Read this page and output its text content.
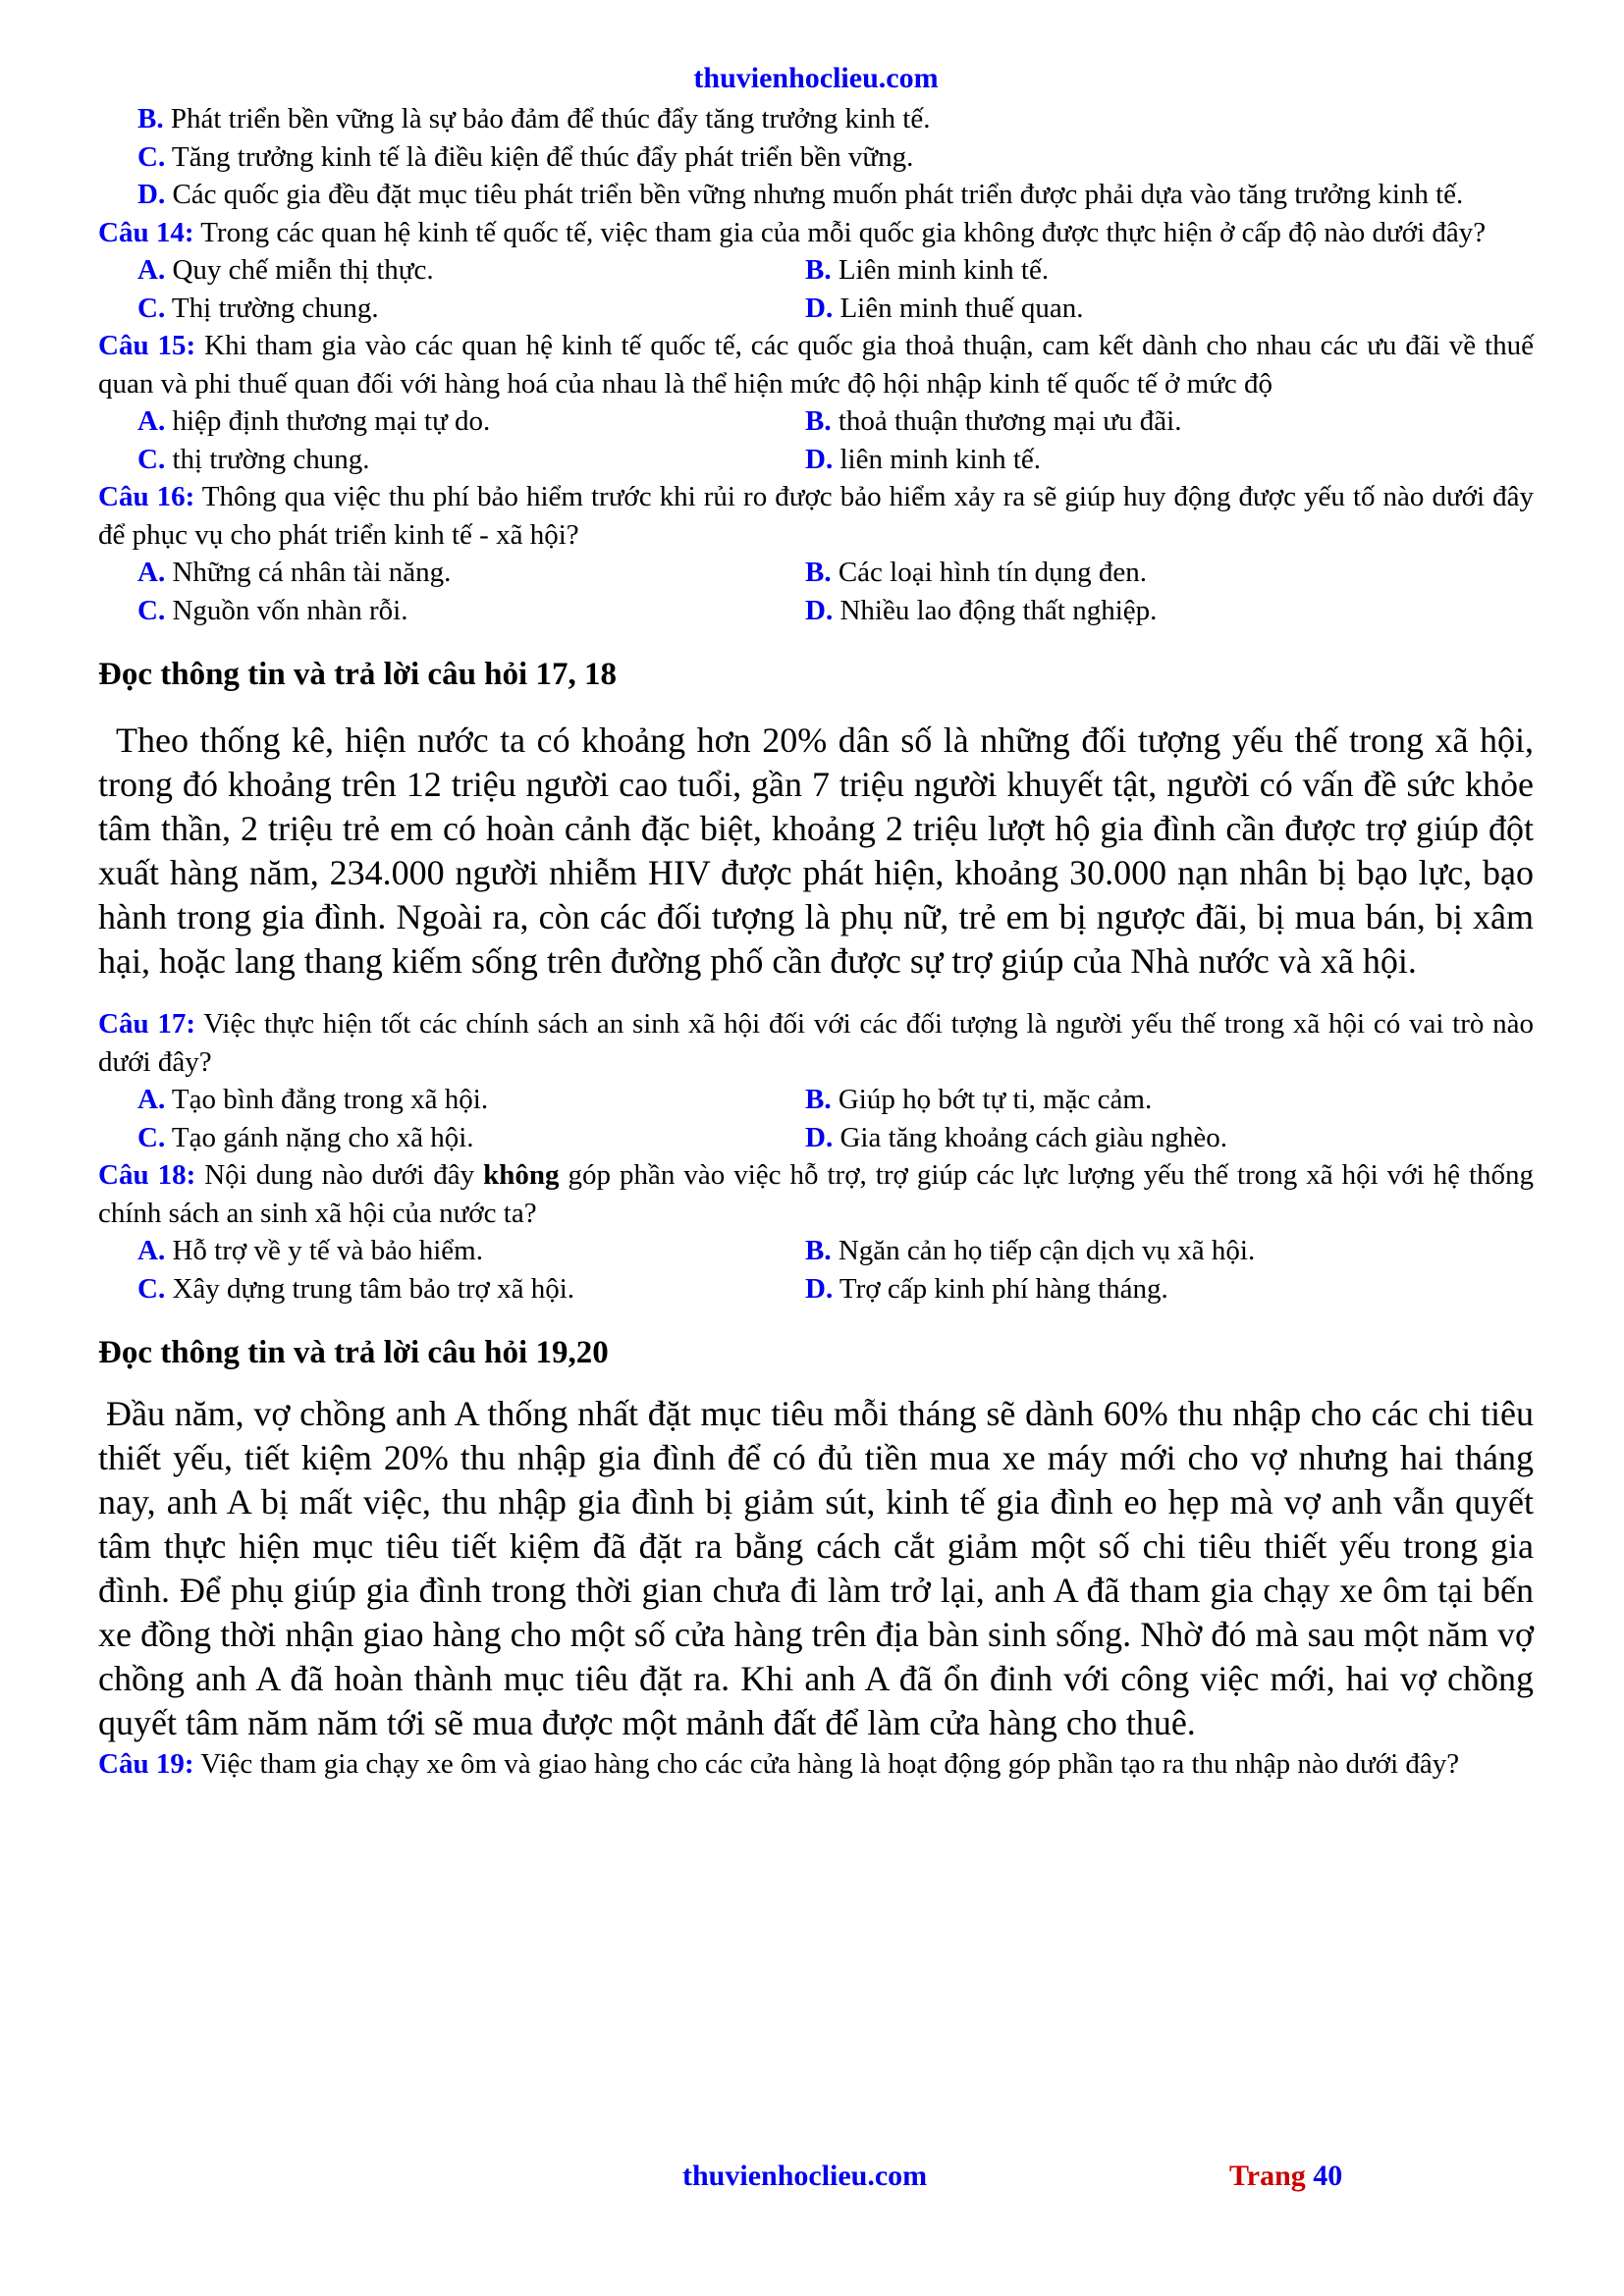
thuvienhoclieu.com
B. Phát triển bền vững là sự bảo đảm để thúc đẩy tăng trưởng kinh tế.
C. Tăng trưởng kinh tế là điều kiện để thúc đẩy phát triển bền vững.
D. Các quốc gia đều đặt mục tiêu phát triển bền vững nhưng muốn phát triển được phải dựa vào tăng trưởng kinh tế.
Câu 14: Trong các quan hệ kinh tế quốc tế, việc tham gia của mỗi quốc gia không được thực hiện ở cấp độ nào dưới đây?
A. Quy chế miễn thị thực.	B. Liên minh kinh tế.
C. Thị trường chung.	D. Liên minh thuế quan.
Câu 15: Khi tham gia vào các quan hệ kinh tế quốc tế, các quốc gia thoả thuận, cam kết dành cho nhau các ưu đãi về thuế quan và phi thuế quan đối với hàng hoá của nhau là thể hiện mức độ hội nhập kinh tế quốc tế ở mức độ
A. hiệp định thương mại tự do.	B. thoả thuận thương mại ưu đãi.
C. thị trường chung.	D. liên minh kinh tế.
Câu 16: Thông qua việc thu phí bảo hiểm trước khi rủi ro được bảo hiểm xảy ra sẽ giúp huy động được yếu tố nào dưới đây để phục vụ cho phát triển kinh tế - xã hội?
A. Những cá nhân tài năng.	B. Các loại hình tín dụng đen.
C. Nguồn vốn nhàn rỗi.	D. Nhiều lao động thất nghiệp.
Đọc thông tin và trả lời câu hỏi 17, 18
Theo thống kê, hiện nước ta có khoảng hơn 20% dân số là những đối tượng yếu thế trong xã hội, trong đó khoảng trên 12 triệu người cao tuổi, gần 7 triệu người khuyết tật, người có vấn đề sức khỏe tâm thần, 2 triệu trẻ em có hoàn cảnh đặc biệt, khoảng 2 triệu lượt hộ gia đình cần được trợ giúp đột xuất hàng năm, 234.000 người nhiễm HIV được phát hiện, khoảng 30.000 nạn nhân bị bạo lực, bạo hành trong gia đình. Ngoài ra, còn các đối tượng là phụ nữ, trẻ em bị ngược đãi, bị mua bán, bị xâm hại, hoặc lang thang kiếm sống trên đường phố cần được sự trợ giúp của Nhà nước và xã hội.
Câu 17: Việc thực hiện tốt các chính sách an sinh xã hội đối với các đối tượng là người yếu thế trong xã hội có vai trò nào dưới đây?
A. Tạo bình đẳng trong xã hội.	B. Giúp họ bớt tự ti, mặc cảm.
C. Tạo gánh nặng cho xã hội.	D. Gia tăng khoảng cách giàu nghèo.
Câu 18: Nội dung nào dưới đây không góp phần vào việc hỗ trợ, trợ giúp các lực lượng yếu thế trong xã hội với hệ thống chính sách an sinh xã hội của nước ta?
A. Hỗ trợ về y tế và bảo hiểm.	B. Ngăn cản họ tiếp cận dịch vụ xã hội.
C. Xây dựng trung tâm bảo trợ xã hội.	D. Trợ cấp kinh phí hàng tháng.
Đọc thông tin và trả lời câu hỏi 19,20
Đầu năm, vợ chồng anh A thống nhất đặt mục tiêu mỗi tháng sẽ dành 60% thu nhập cho các chi tiêu thiết yếu, tiết kiệm 20% thu nhập gia đình để có đủ tiền mua xe máy mới cho vợ nhưng hai tháng nay, anh A bị mất việc, thu nhập gia đình bị giảm sút, kinh tế gia đình eo hẹp mà vợ anh vẫn quyết tâm thực hiện mục tiêu tiết kiệm đã đặt ra bằng cách cắt giảm một số chi tiêu thiết yếu trong gia đình. Để phụ giúp gia đình trong thời gian chưa đi làm trở lại, anh A đã tham gia chạy xe ôm tại bến xe đồng thời nhận giao hàng cho một số cửa hàng trên địa bàn sinh sống. Nhờ đó mà sau một năm vợ chồng anh A đã hoàn thành mục tiêu đặt ra. Khi anh A đã ổn đinh với công việc mới, hai vợ chồng quyết tâm năm năm tới sẽ mua được một mảnh đất để làm cửa hàng cho thuê.
Câu 19: Việc tham gia chạy xe ôm và giao hàng cho các cửa hàng là hoạt động góp phần tạo ra thu nhập nào dưới đây?
thuvienhoclieu.com	Trang 40
